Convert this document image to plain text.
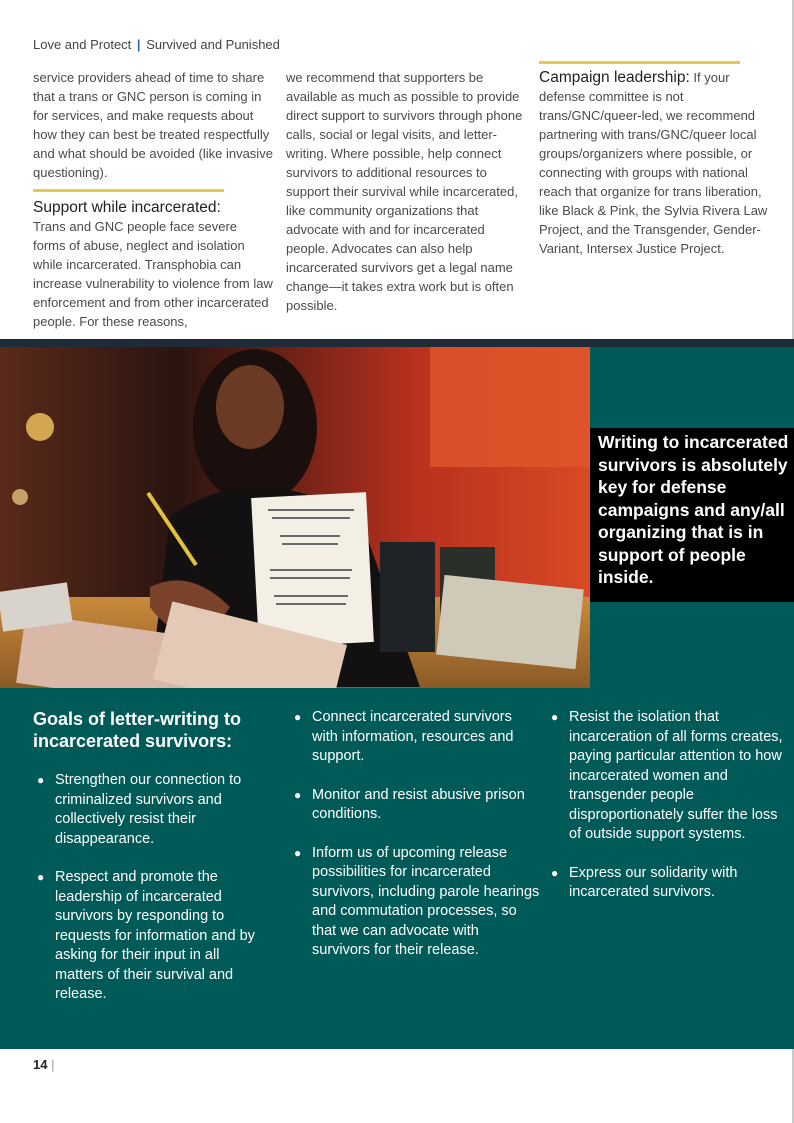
Love and Protect | Survived and Punished

service providers ahead of time to share that a trans or GNC person is coming in for services, and make requests about how they can best be treated respectfully and what should be avoided (like invasive questioning).

Support while incarcerated:

Trans and GNC people face severe forms of abuse, neglect and isolation while incarcerated. Transphobia can increase vulnerability to violence from law enforcement and from other incarcerated people. For these reasons,

we recommend that supporters be available as much as possible to provide direct support to survivors through phone calls, social or legal visits, and letter-writing. Where possible, help connect survivors to additional resources to support their survival while incarcerated, like community organizations that advocate with and for incarcerated people. Advocates can also help incarcerated survivors get a legal name change—it takes extra work but is often possible.

Campaign leadership: If your defense committee is not trans/GNC/queer-led, we recommend partnering with trans/GNC/queer local groups/organizers where possible, or connecting with groups with national reach that organize for trans liberation, like Black & Pink, the Sylvia Rivera Law Project, and the Transgender, Gender-Variant, Intersex Justice Project.

Writing to incarcerated survivors is absolutely key for defense campaigns and any/all organizing that is in support of people inside.
Goals of letter-writing to incarcerated survivors:
● Strengthen our connection to criminalized survivors and collectively resist their disappearance.
● Respect and promote the leadership of incarcerated survivors by responding to requests for information and by asking for their input in all matters of their survival and release.
● Connect incarcerated survivors with information, resources and support.
● Monitor and resist abusive prison conditions.
● Inform us of upcoming release possibilities for incarcerated survivors, including parole hearings and commutation processes, so that we can advocate with survivors for their release.
● Resist the isolation that incarceration of all forms creates, paying particular attention to how incarcerated women and transgender people disproportionately suffer the loss of outside support systems.
● Express our solidarity with incarcerated survivors.
14 |
